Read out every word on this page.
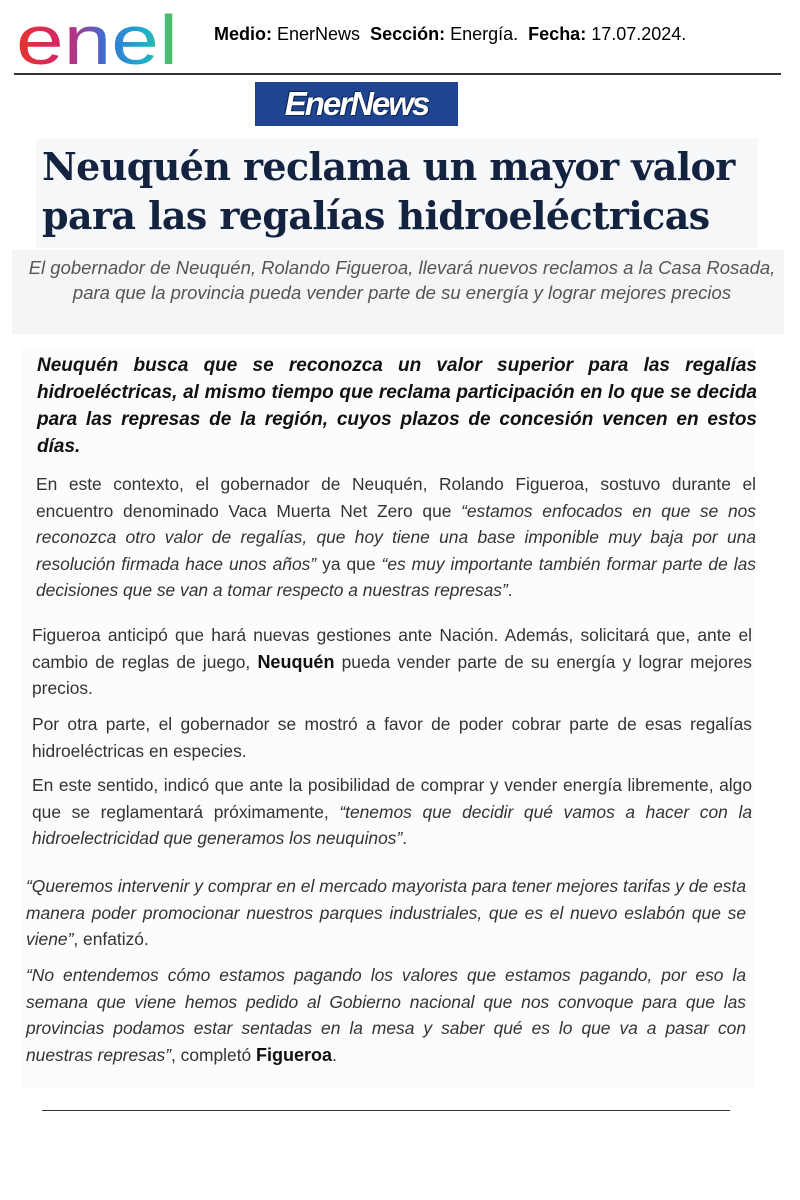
enel Medio: EnerNews Sección: Energía. Fecha: 17.07.2024.
EnerNews
Neuquén reclama un mayor valor para las regalías hidroeléctricas

El gobernador de Neuquén, Rolando Figueroa, llevará nuevos reclamos a la Casa Rosada, para que la provincia pueda vender parte de su energía y lograr mejores precios

Neuquén busca que se reconozca un valor superior para las regalías hidroeléctricas, al mismo tiempo que reclama participación en lo que se decida para las represas de la región, cuyos plazos de concesión vencen en estos días.

En este contexto, el gobernador de Neuquén, Rolando Figueroa, sostuvo durante el encuentro denominado Vaca Muerta Net Zero que “estamos enfocados en que se nos reconozca otro valor de regalías, que hoy tiene una base imponible muy baja por una resolución firmada hace unos años” ya que “es muy importante también formar parte de las decisiones que se van a tomar respecto a nuestras represas”.

Figueroa anticipó que hará nuevas gestiones ante Nación. Además, solicitará que, ante el cambio de reglas de juego, Neuquén pueda vender parte de su energía y lograr mejores precios.

Por otra parte, el gobernador se mostró a favor de poder cobrar parte de esas regalías hidroeléctricas en especies.

En este sentido, indicó que ante la posibilidad de comprar y vender energía libremente, algo que se reglamentará próximamente, “tenemos que decidir qué vamos a hacer con la hidroelectricidad que generamos los neuquinos”.

“Queremos intervenir y comprar en el mercado mayorista para tener mejores tarifas y de esta manera poder promocionar nuestros parques industriales, que es el nuevo eslabón que se viene”, enfatizó.

“No entendemos cómo estamos pagando los valores que estamos pagando, por eso la semana que viene hemos pedido al Gobierno nacional que nos convoque para que las provincias podamos estar sentadas en la mesa y saber qué es lo que va a pasar con nuestras represas”, completó Figueroa.
